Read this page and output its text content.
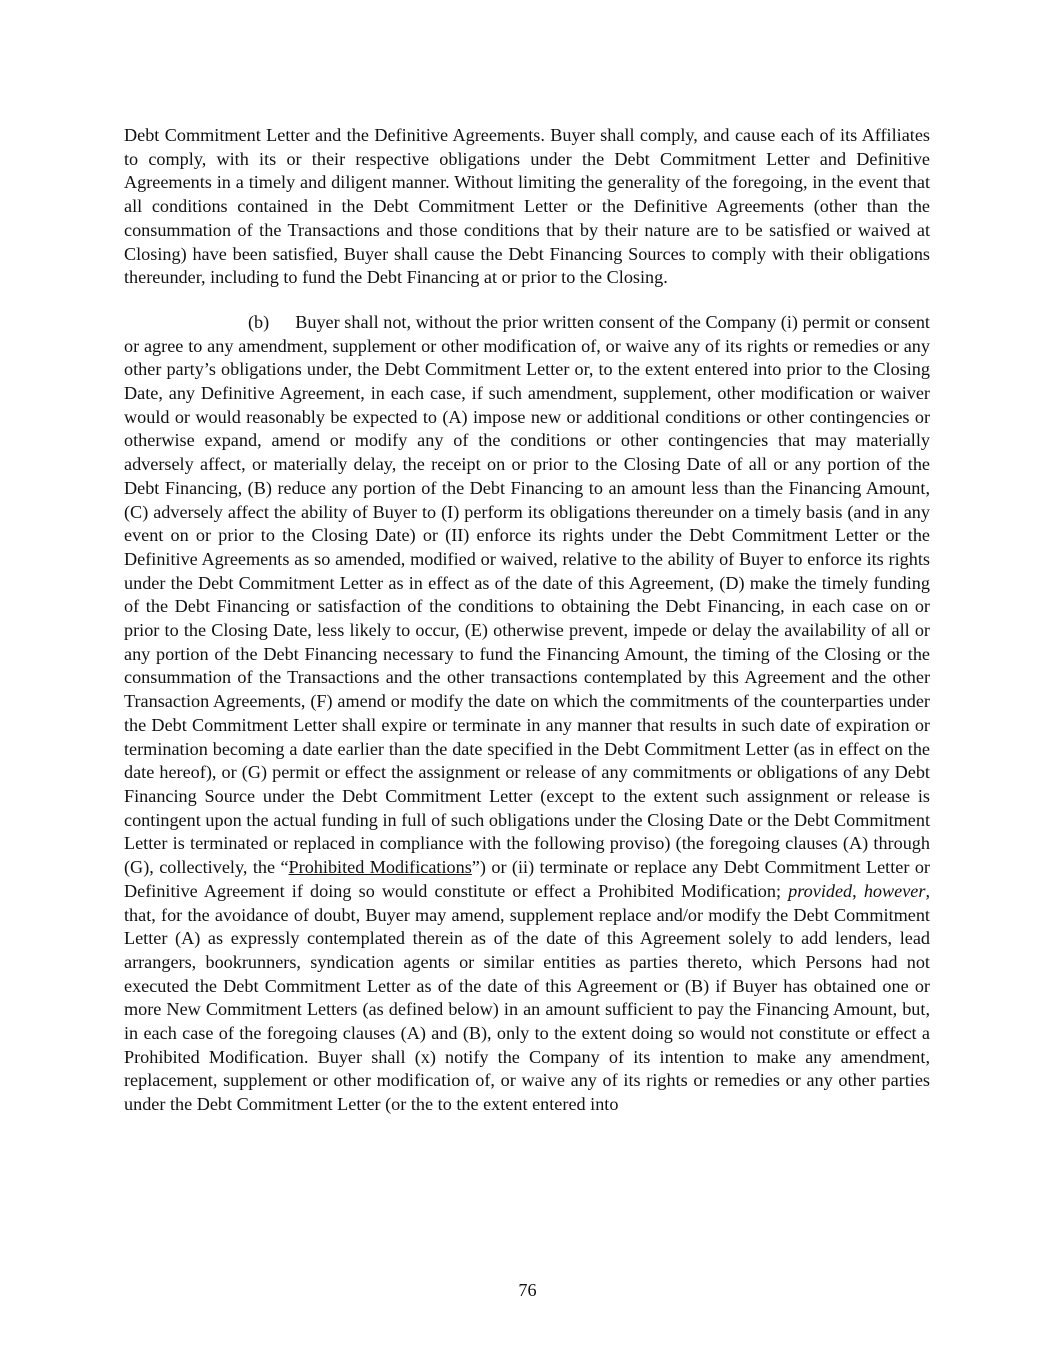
Debt Commitment Letter and the Definitive Agreements. Buyer shall comply, and cause each of its Affiliates to comply, with its or their respective obligations under the Debt Commitment Letter and Definitive Agreements in a timely and diligent manner. Without limiting the generality of the foregoing, in the event that all conditions contained in the Debt Commitment Letter or the Definitive Agreements (other than the consummation of the Transactions and those conditions that by their nature are to be satisfied or waived at Closing) have been satisfied, Buyer shall cause the Debt Financing Sources to comply with their obligations thereunder, including to fund the Debt Financing at or prior to the Closing.

(b) Buyer shall not, without the prior written consent of the Company (i) permit or consent or agree to any amendment, supplement or other modification of, or waive any of its rights or remedies or any other party’s obligations under, the Debt Commitment Letter or, to the extent entered into prior to the Closing Date, any Definitive Agreement, in each case, if such amendment, supplement, other modification or waiver would or would reasonably be expected to (A) impose new or additional conditions or other contingencies or otherwise expand, amend or modify any of the conditions or other contingencies that may materially adversely affect, or materially delay, the receipt on or prior to the Closing Date of all or any portion of the Debt Financing, (B) reduce any portion of the Debt Financing to an amount less than the Financing Amount, (C) adversely affect the ability of Buyer to (I) perform its obligations thereunder on a timely basis (and in any event on or prior to the Closing Date) or (II) enforce its rights under the Debt Commitment Letter or the Definitive Agreements as so amended, modified or waived, relative to the ability of Buyer to enforce its rights under the Debt Commitment Letter as in effect as of the date of this Agreement, (D) make the timely funding of the Debt Financing or satisfaction of the conditions to obtaining the Debt Financing, in each case on or prior to the Closing Date, less likely to occur, (E) otherwise prevent, impede or delay the availability of all or any portion of the Debt Financing necessary to fund the Financing Amount, the timing of the Closing or the consummation of the Transactions and the other transactions contemplated by this Agreement and the other Transaction Agreements, (F) amend or modify the date on which the commitments of the counterparties under the Debt Commitment Letter shall expire or terminate in any manner that results in such date of expiration or termination becoming a date earlier than the date specified in the Debt Commitment Letter (as in effect on the date hereof), or (G) permit or effect the assignment or release of any commitments or obligations of any Debt Financing Source under the Debt Commitment Letter (except to the extent such assignment or release is contingent upon the actual funding in full of such obligations under the Closing Date or the Debt Commitment Letter is terminated or replaced in compliance with the following proviso) (the foregoing clauses (A) through (G), collectively, the “Prohibited Modifications”) or (ii) terminate or replace any Debt Commitment Letter or Definitive Agreement if doing so would constitute or effect a Prohibited Modification; provided, however, that, for the avoidance of doubt, Buyer may amend, supplement replace and/or modify the Debt Commitment Letter (A) as expressly contemplated therein as of the date of this Agreement solely to add lenders, lead arrangers, bookrunners, syndication agents or similar entities as parties thereto, which Persons had not executed the Debt Commitment Letter as of the date of this Agreement or (B) if Buyer has obtained one or more New Commitment Letters (as defined below) in an amount sufficient to pay the Financing Amount, but, in each case of the foregoing clauses (A) and (B), only to the extent doing so would not constitute or effect a Prohibited Modification. Buyer shall (x) notify the Company of its intention to make any amendment, replacement, supplement or other modification of, or waive any of its rights or remedies or any other parties under the Debt Commitment Letter (or the to the extent entered into

76
